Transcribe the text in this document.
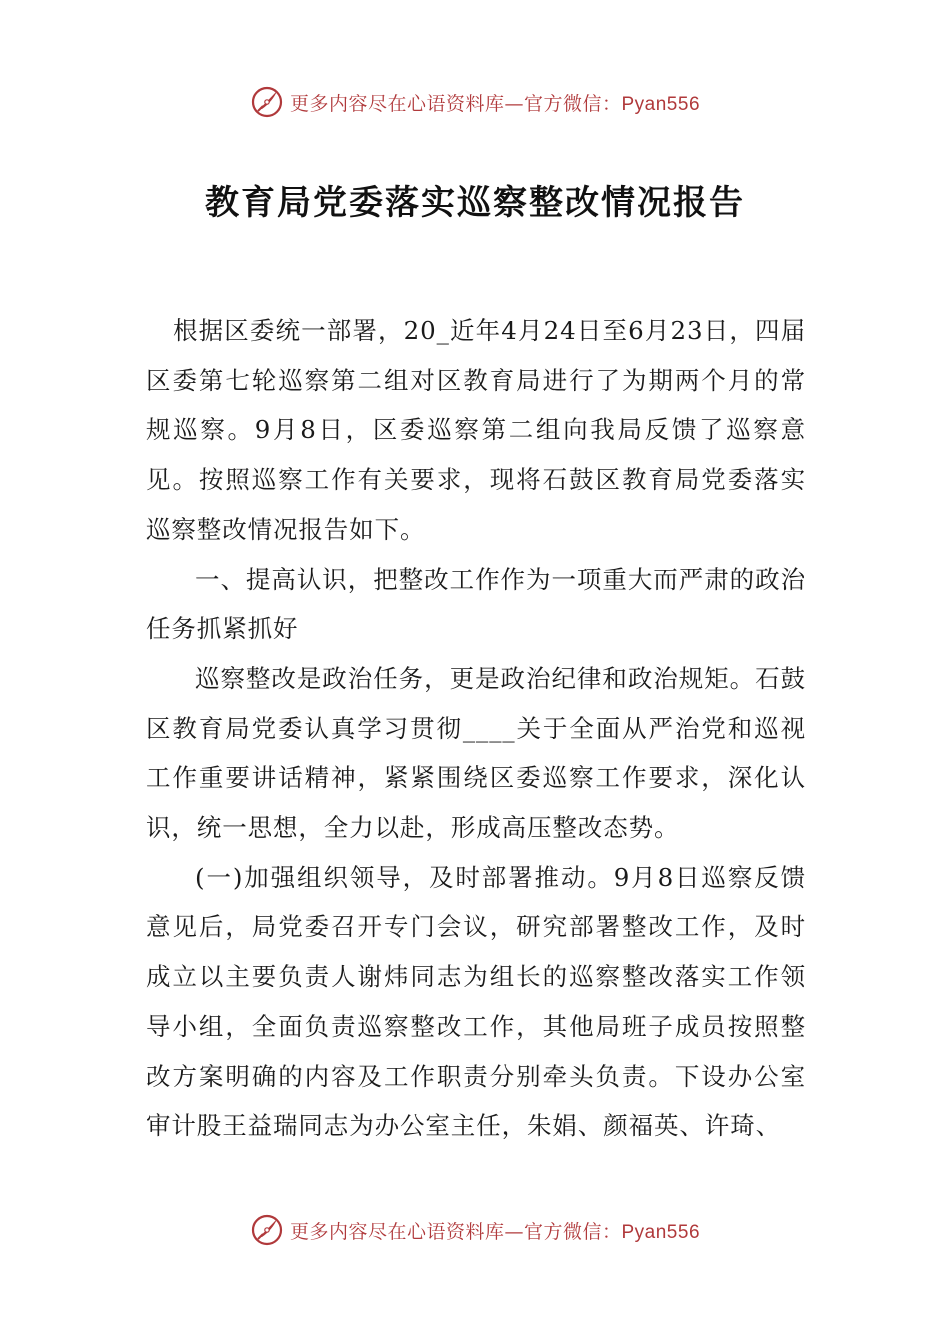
更多内容尽在心语资料库—官方微信：Pyan556
教育局党委落实巡察整改情况报告

根据区委统一部署，20_近年4月24日至6月23日，四届区委第七轮巡察第二组对区教育局进行了为期两个月的常规巡察。9月8日，区委巡察第二组向我局反馈了巡察意见。按照巡察工作有关要求，现将石鼓区教育局党委落实巡察整改情况报告如下。

一、提高认识，把整改工作作为一项重大而严肃的政治任务抓紧抓好

巡察整改是政治任务，更是政治纪律和政治规矩。石鼓区教育局党委认真学习贯彻____关于全面从严治党和巡视工作重要讲话精神，紧紧围绕区委巡察工作要求，深化认识，统一思想，全力以赴，形成高压整改态势。

(一)加强组织领导，及时部署推动。9月8日巡察反馈意见后，局党委召开专门会议，研究部署整改工作，及时成立以主要负责人谢炜同志为组长的巡察整改落实工作领导小组，全面负责巡察整改工作，其他局班子成员按照整改方案明确的内容及工作职责分别牵头负责。下设办公室审计股王益瑞同志为办公室主任，朱娟、颜福英、许琦、

更多内容尽在心语资料库—官方微信：Pyan556
